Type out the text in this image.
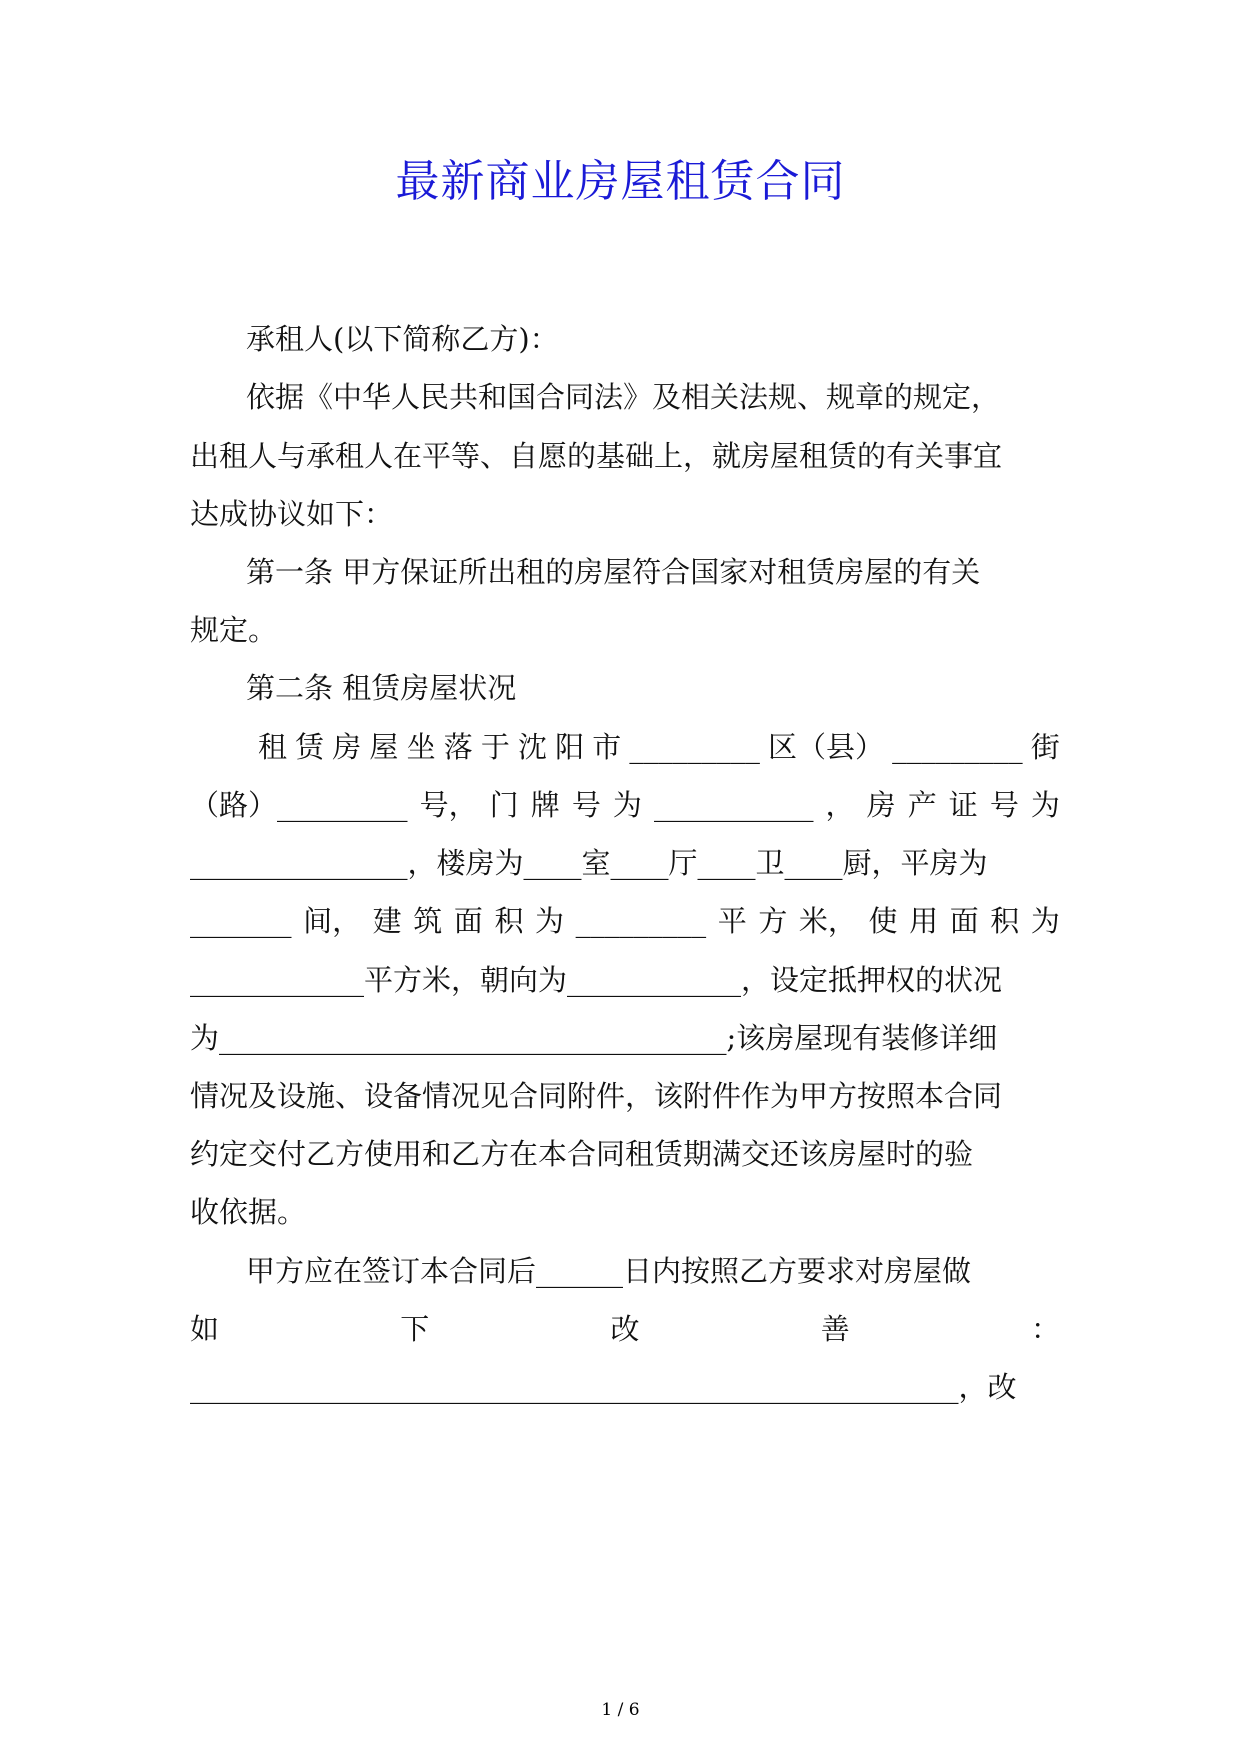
最新商业房屋租赁合同
承租人(以下简称乙方)：
依据《中华人民共和国合同法》及相关法规、规章的规定，
出租人与承租人在平等、自愿的基础上，就房屋租赁的有关事宜
达成协议如下：
第一条 甲方保证所出租的房屋符合国家对租赁房屋的有关
规定。
第二条 租赁房屋状况
租 赁 房 屋 坐 落 于 沈 阳 市 _________ 区（县） _________ 街
（路）_________ 号， 门 牌 号 为 ___________ ， 房 产 证 号 为
_______________，楼房为____室____厅____卫____厨，平房为
_______ 间， 建 筑 面 积 为 _________ 平 方 米， 使 用 面 积 为
____________平方米，朝向为____________，设定抵押权的状况
为___________________________________;该房屋现有装修详细
情况及设施、设备情况见合同附件，该附件作为甲方按照本合同
约定交付乙方使用和乙方在本合同租赁期满交还该房屋时的验
收依据。
甲方应在签订本合同后______日内按照乙方要求对房屋做
如	下	改	善	：
_____________________________________________________，改
1 / 6
